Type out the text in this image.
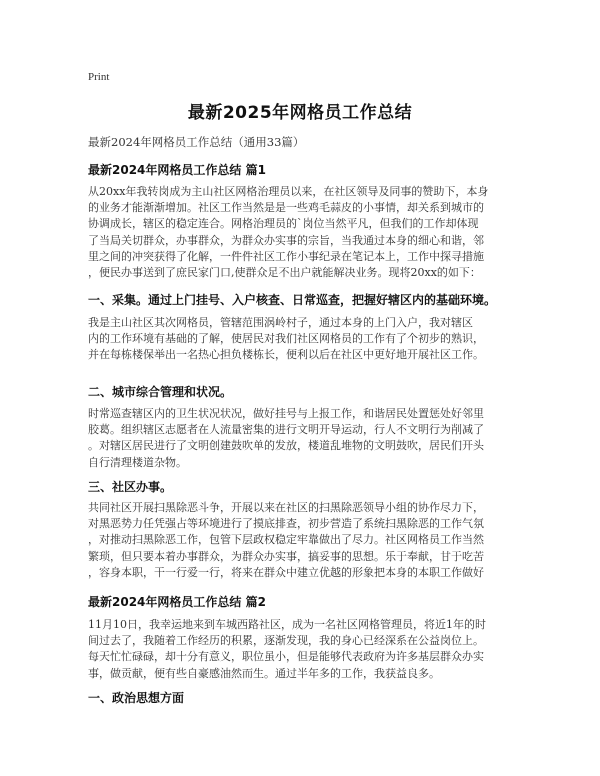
Print
最新2025年网格员工作总结
最新2024年网格员工作总结（通用33篇）
最新2024年网格员工作总结 篇1

从20xx年我转岗成为主山社区网格治理员以来，在社区领导及同事的赞助下，本身
的业务才能渐渐增加。社区工作当然是是一些鸡毛蒜皮的小事情，却关系到城市的
协调成长，辖区的稳定连合。网格治理员的`岗位当然平凡，但我们的工作却体现
了当局关切群众，办事群众，为群众办实事的宗旨，当我通过本身的细心和谐，邻
里之间的冲突获得了化解，一件件社区工作小事纪录在笔记本上，工作中探寻措施
，便民办事送到了庶民家门口,使群众足不出户就能解决业务。现将20xx的如下：

一、采集。通过上门挂号、入户核查、日常巡查，把握好辖区内的基础环境。

我是主山社区其次网格员，管辖范围涡岭村子，通过本身的上门入户，我对辖区
内的工作环境有基础的了解，使居民对我们社区网格员的工作有了个初步的熟识，
并在每栋楼保举出一名热心担负楼栋长，便利以后在社区中更好地开展社区工作。

二、城市综合管理和状况。

时常巡查辖区内的卫生状况状况，做好挂号与上报工作，和谐居民处置惩处好邻里
胶葛。组织辖区志愿者在人流量密集的进行文明开导运动，行人不文明行为削减了
。对辖区居民进行了文明创建鼓吹单的发放，楼道乱堆物的文明鼓吹，居民们开头
自行清理楼道杂物。

三、社区办事。

共同社区开展扫黑除恶斗争，开展以来在社区的扫黑除恶领导小组的协作尽力下，
对黑恶势力任凭强占等环境进行了摸底排查，初步营造了系统扫黑除恶的工作气氛
，对推动扫黑除恶工作，包管下层政权稳定牢靠做出了尽力。社区网格员工作当然
繁琐，但只要本着办事群众，为群众办实事，搞妥事的思想。乐于奉献，甘于吃苦
，容身本职，干一行爱一行，将来在群众中建立优越的形象把本身的本职工作做好

最新2024年网格员工作总结 篇2

11月10日，我幸运地来到车城西路社区，成为一名社区网格管理员，将近1年的时
间过去了，我随着工作经历的积累，逐渐发现，我的身心已经深系在公益岗位上。
每天忙忙碌碌，却十分有意义，职位虽小，但是能够代表政府为许多基层群众办实
事，做贡献，便有些自豪感油然而生。通过半年多的工作，我获益良多。

一、政治思想方面
